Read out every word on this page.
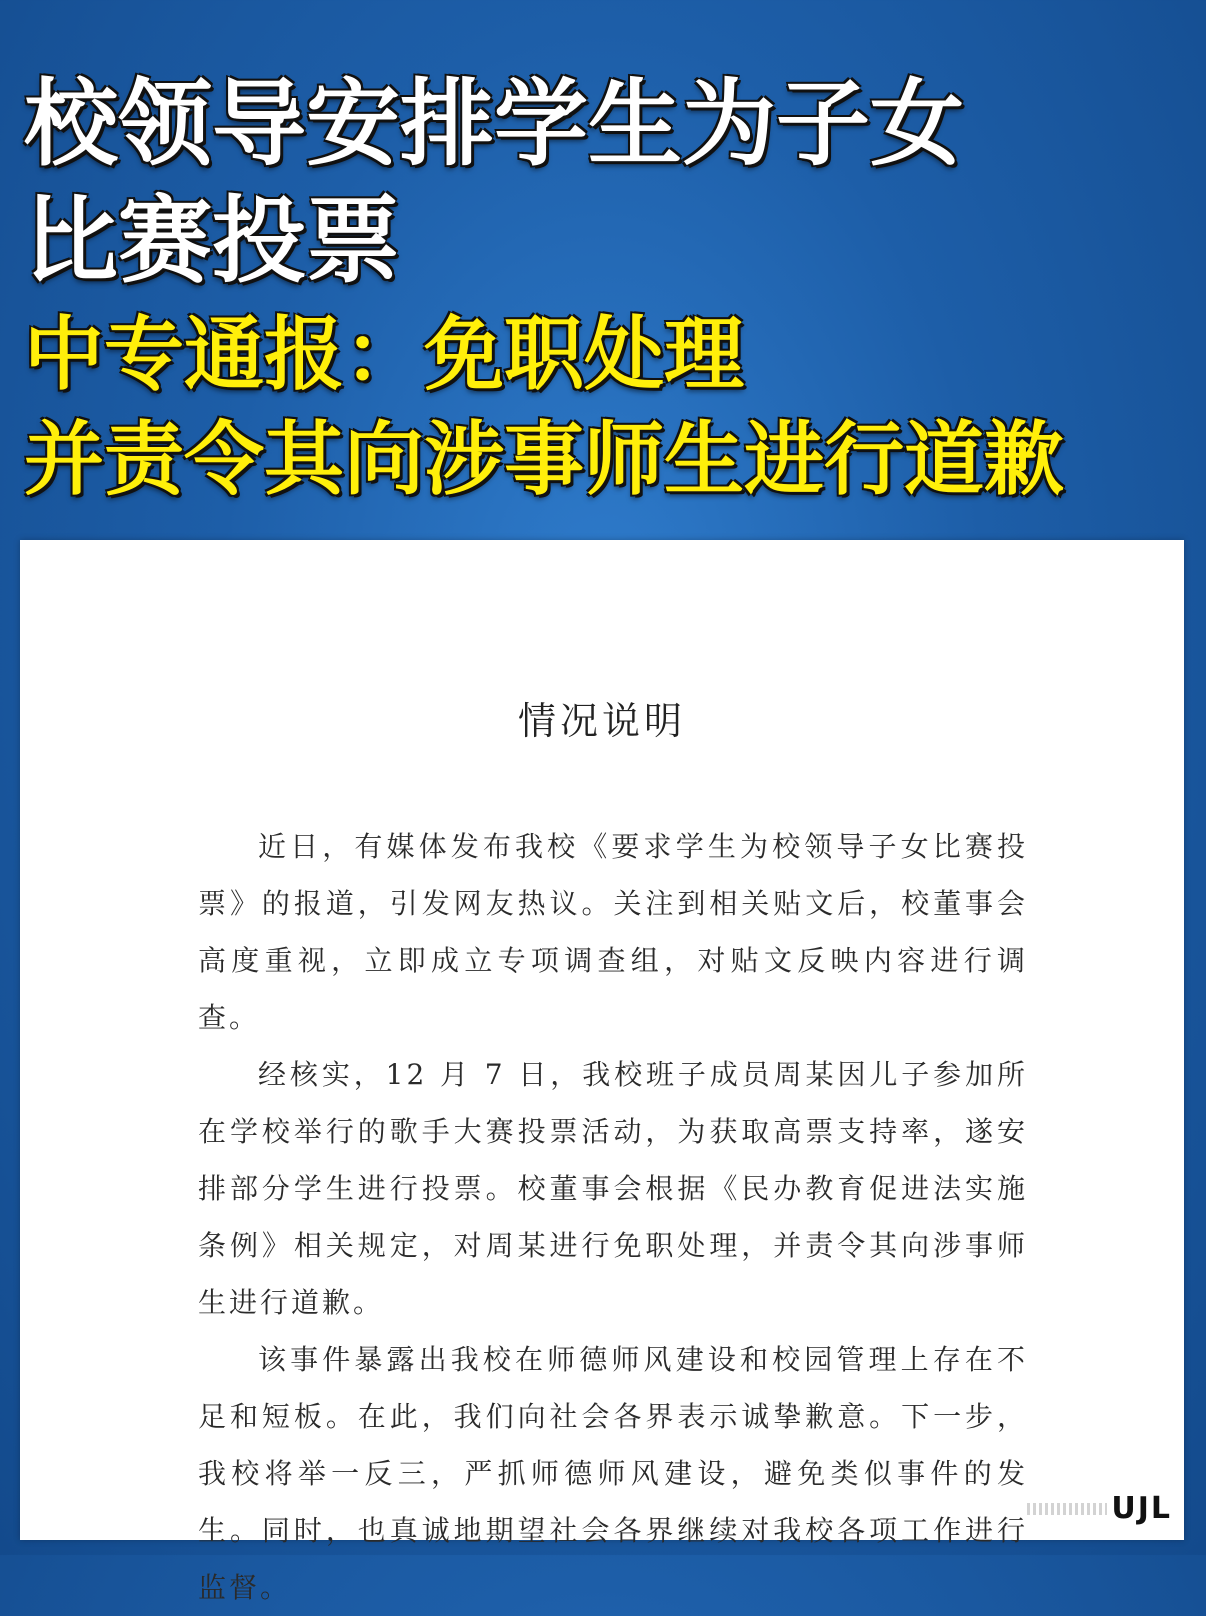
校领导安排学生为子女
比赛投票
中专通报：免职处理
并责令其向涉事师生进行道歉
情况说明

近日，有媒体发布我校《要求学生为校领导子女比赛投票》的报道，引发网友热议。关注到相关贴文后，校董事会高度重视，立即成立专项调查组，对贴文反映内容进行调查。

经核实，12 月 7 日，我校班子成员周某因儿子参加所在学校举行的歌手大赛投票活动，为获取高票支持率，遂安排部分学生进行投票。校董事会根据《民办教育促进法实施条例》相关规定，对周某进行免职处理，并责令其向涉事师生进行道歉。

该事件暴露出我校在师德师风建设和校园管理上存在不足和短板。在此，我们向社会各界表示诚挚歉意。下一步，我校将举一反三，严抓师德师风建设，避免类似事件的发生。同时，也真诚地期望社会各界继续对我校各项工作进行监督。

UJL
